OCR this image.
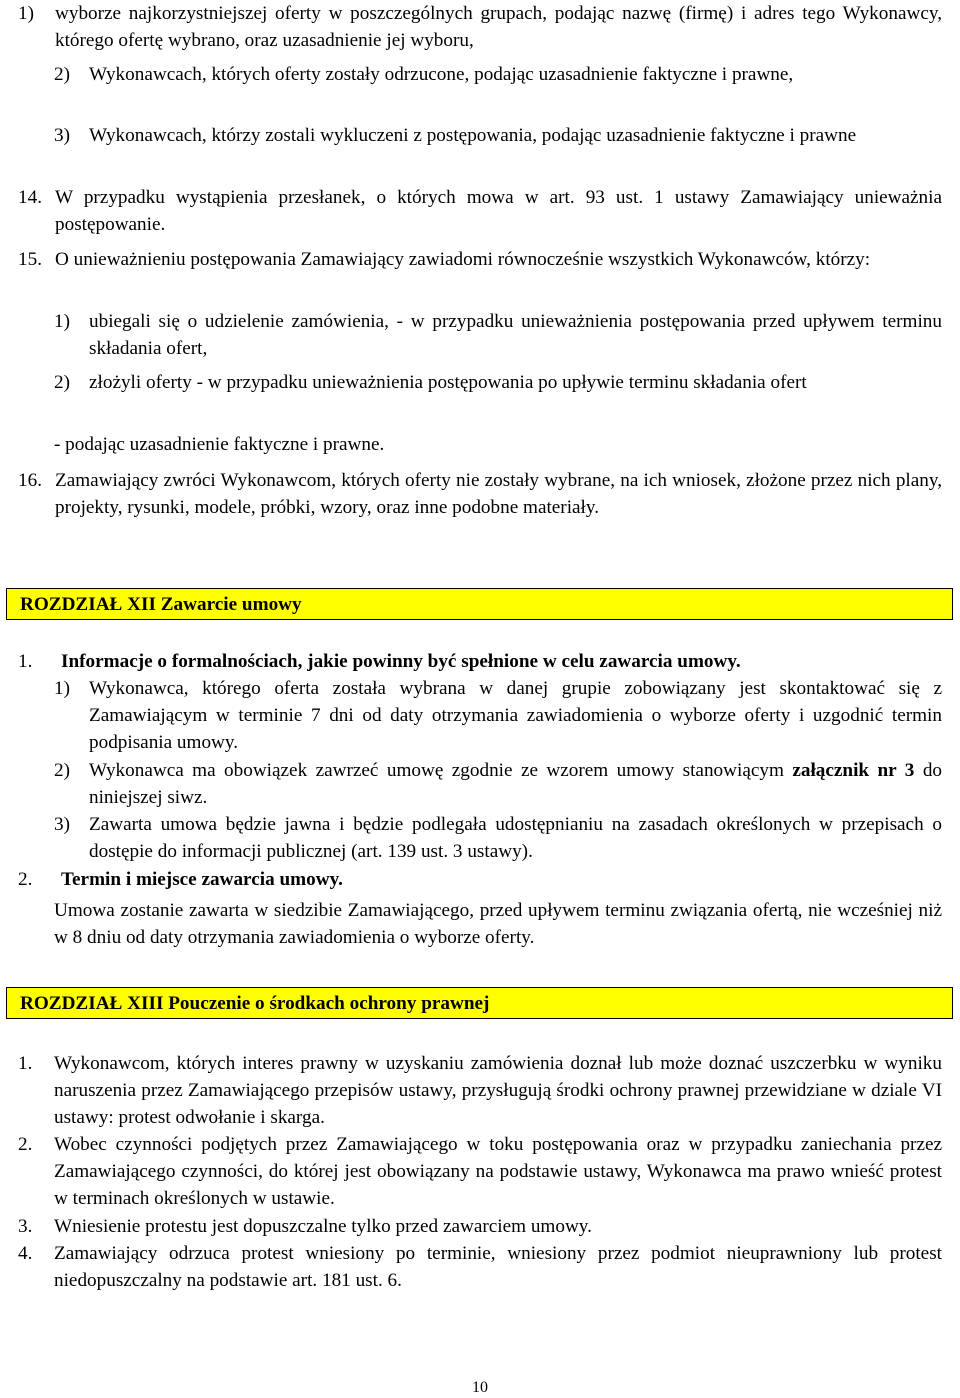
1) wyborze najkorzystniejszej oferty w poszczególnych grupach, podając nazwę (firmę) i adres tego Wykonawcy, którego ofertę wybrano, oraz uzasadnienie jej wyboru,
2) Wykonawcach, których oferty zostały odrzucone, podając uzasadnienie faktyczne i prawne,
3) Wykonawcach, którzy zostali wykluczeni z postępowania, podając uzasadnienie faktyczne i prawne
14. W przypadku wystąpienia przesłanek, o których mowa w art. 93 ust. 1 ustawy Zamawiający unieważnia postępowanie.
15. O unieważnieniu postępowania Zamawiający zawiadomi równocześnie wszystkich Wykonawców, którzy:
1) ubiegali się o udzielenie zamówienia, - w przypadku unieważnienia postępowania przed upływem terminu składania ofert,
2) złożyli oferty - w przypadku unieważnienia postępowania po upływie terminu składania ofert
- podając uzasadnienie faktyczne i prawne.
16. Zamawiający zwróci Wykonawcom, których oferty nie zostały wybrane, na ich wniosek, złożone przez nich plany, projekty, rysunki, modele, próbki, wzory, oraz inne podobne materiały.
ROZDZIAŁ XII Zawarcie umowy
1. Informacje o formalnościach, jakie powinny być spełnione w celu zawarcia umowy.
1) Wykonawca, którego oferta została wybrana w danej grupie zobowiązany jest skontaktować się z Zamawiającym w terminie 7 dni od daty otrzymania zawiadomienia o wyborze oferty i uzgodnić termin podpisania umowy.
2) Wykonawca ma obowiązek zawrzeć umowę zgodnie ze wzorem umowy stanowiącym załącznik nr 3 do niniejszej siwz.
3) Zawarta umowa będzie jawna i będzie podlegała udostępnianiu na zasadach określonych w przepisach o dostępie do informacji publicznej (art. 139 ust. 3 ustawy).
2. Termin i miejsce zawarcia umowy.
Umowa zostanie zawarta w siedzibie Zamawiającego, przed upływem terminu związania ofertą, nie wcześniej niż w 8 dniu od daty otrzymania zawiadomienia o wyborze oferty.
ROZDZIAŁ XIII Pouczenie o środkach ochrony prawnej
1. Wykonawcom, których interes prawny w uzyskaniu zamówienia doznał lub może doznać uszczerbku w wyniku naruszenia przez Zamawiającego przepisów ustawy, przysługują środki ochrony prawnej przewidziane w dziale VI ustawy: protest odwołanie i skarga.
2. Wobec czynności podjętych przez Zamawiającego w toku postępowania oraz w przypadku zaniechania przez Zamawiającego czynności, do której jest obowiązany na podstawie ustawy, Wykonawca ma prawo wnieść protest w terminach określonych w ustawie.
3. Wniesienie protestu jest dopuszczalne tylko przed zawarciem umowy.
4. Zamawiający odrzuca protest wniesiony po terminie, wniesiony przez podmiot nieuprawniony lub protest niedopuszczalny na podstawie art. 181 ust. 6.
10
